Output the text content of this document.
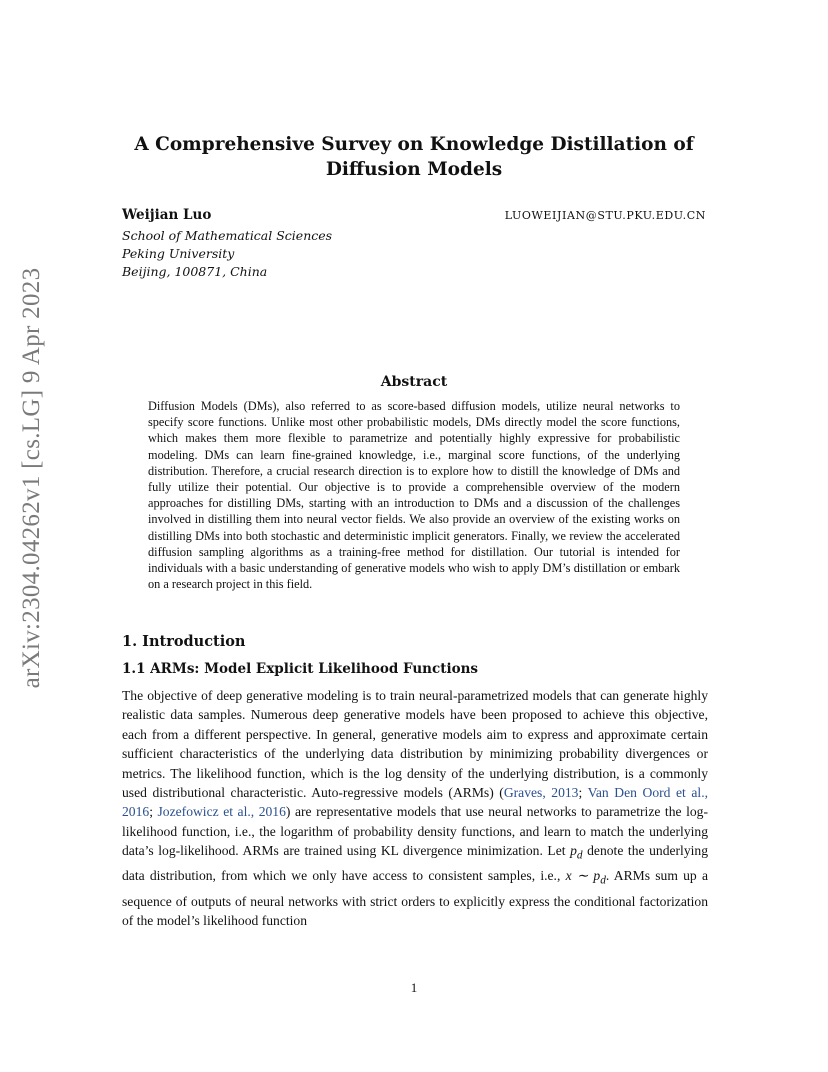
arXiv:2304.04262v1 [cs.LG] 9 Apr 2023
A Comprehensive Survey on Knowledge Distillation of
Diffusion Models
Weijian Luo	LUOWEIJIAN@STU.PKU.EDU.CN
School of Mathematical Sciences
Peking University
Beijing, 100871, China
Abstract
Diffusion Models (DMs), also referred to as score-based diffusion models, utilize neural networks to specify score functions. Unlike most other probabilistic models, DMs directly model the score functions, which makes them more flexible to parametrize and potentially highly expressive for probabilistic modeling. DMs can learn fine-grained knowledge, i.e., marginal score functions, of the underlying distribution. Therefore, a crucial research direction is to explore how to distill the knowledge of DMs and fully utilize their potential. Our objective is to provide a comprehensible overview of the modern approaches for distilling DMs, starting with an introduction to DMs and a discussion of the challenges involved in distilling them into neural vector fields. We also provide an overview of the existing works on distilling DMs into both stochastic and deterministic implicit generators. Finally, we review the accelerated diffusion sampling algorithms as a training-free method for distillation. Our tutorial is intended for individuals with a basic understanding of generative models who wish to apply DM’s distillation or embark on a research project in this field.
1. Introduction
1.1 ARMs: Model Explicit Likelihood Functions
The objective of deep generative modeling is to train neural-parametrized models that can generate highly realistic data samples. Numerous deep generative models have been proposed to achieve this objective, each from a different perspective. In general, generative models aim to express and approximate certain sufficient characteristics of the underlying data distribution by minimizing probability divergences or metrics. The likelihood function, which is the log density of the underlying distribution, is a commonly used distributional characteristic. Auto-regressive models (ARMs) (Graves, 2013; Van Den Oord et al., 2016; Jozefowicz et al., 2016) are representative models that use neural networks to parametrize the log-likelihood function, i.e., the logarithm of probability density functions, and learn to match the underlying data’s log-likelihood. ARMs are trained using KL divergence minimization. Let $p_d$ denote the underlying data distribution, from which we only have access to consistent samples, i.e., x ∼ $p_d$. ARMs sum up a sequence of outputs of neural networks with strict orders to explicitly express the conditional factorization of the model’s likelihood function
1
